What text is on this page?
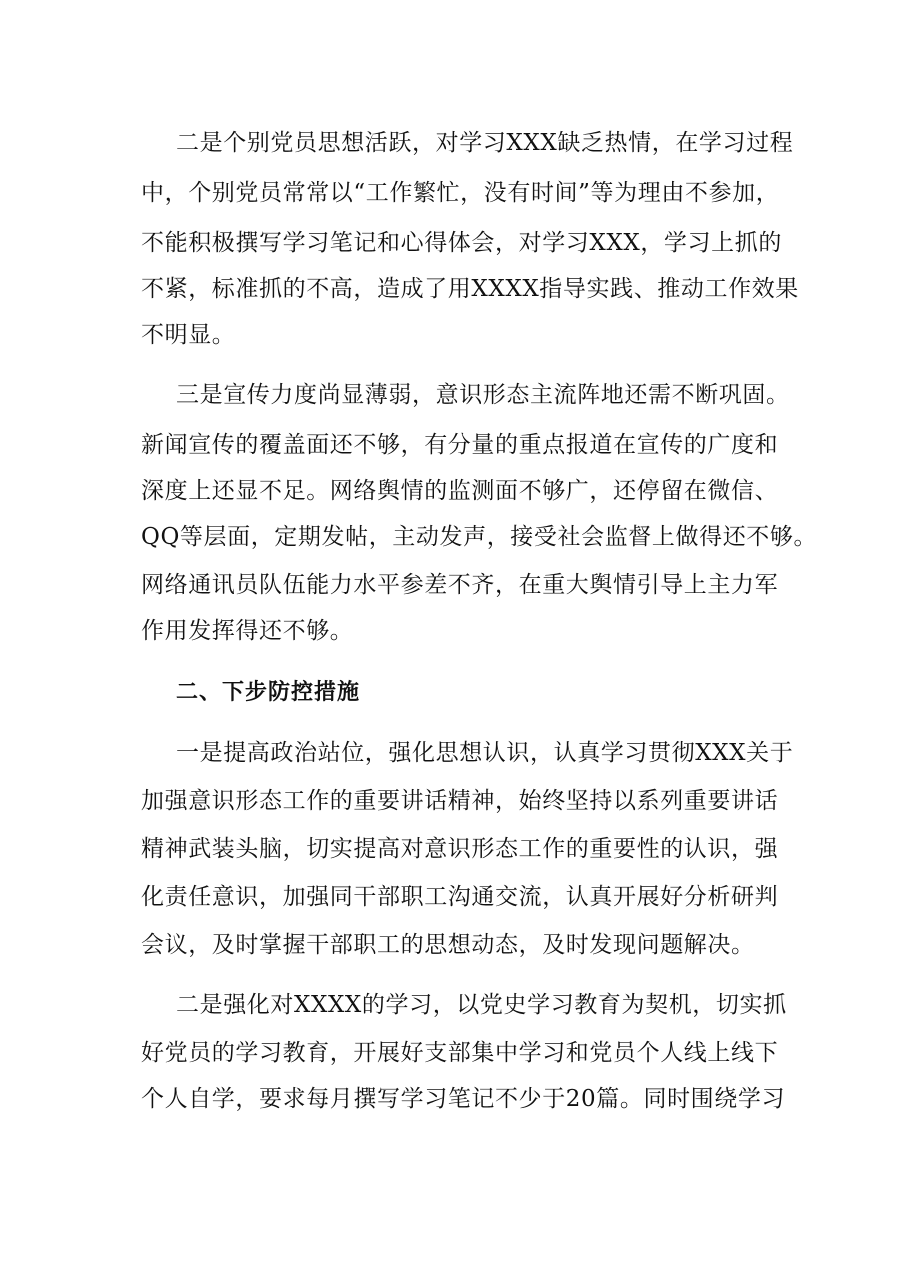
二是个别党员思想活跃，对学习XXX缺乏热情，在学习过程
中，个别党员常常以“工作繁忙，没有时间”等为理由不参加，
不能积极撰写学习笔记和心得体会，对学习XXX，学习上抓的
不紧，标准抓的不高，造成了用XXXX指导实践、推动工作效果
不明显。
三是宣传力度尚显薄弱，意识形态主流阵地还需不断巩固。
新闻宣传的覆盖面还不够，有分量的重点报道在宣传的广度和
深度上还显不足。网络舆情的监测面不够广，还停留在微信、
QQ等层面，定期发帖，主动发声，接受社会监督上做得还不够。
网络通讯员队伍能力水平参差不齐，在重大舆情引导上主力军
作用发挥得还不够。
二、下步防控措施
一是提高政治站位，强化思想认识，认真学习贯彻XXX关于
加强意识形态工作的重要讲话精神，始终坚持以系列重要讲话
精神武装头脑，切实提高对意识形态工作的重要性的认识，强
化责任意识，加强同干部职工沟通交流，认真开展好分析研判
会议，及时掌握干部职工的思想动态，及时发现问题解决。
二是强化对XXXX的学习，以党史学习教育为契机，切实抓
好党员的学习教育，开展好支部集中学习和党员个人线上线下
个人自学，要求每月撰写学习笔记不少于20篇。同时围绕学习
